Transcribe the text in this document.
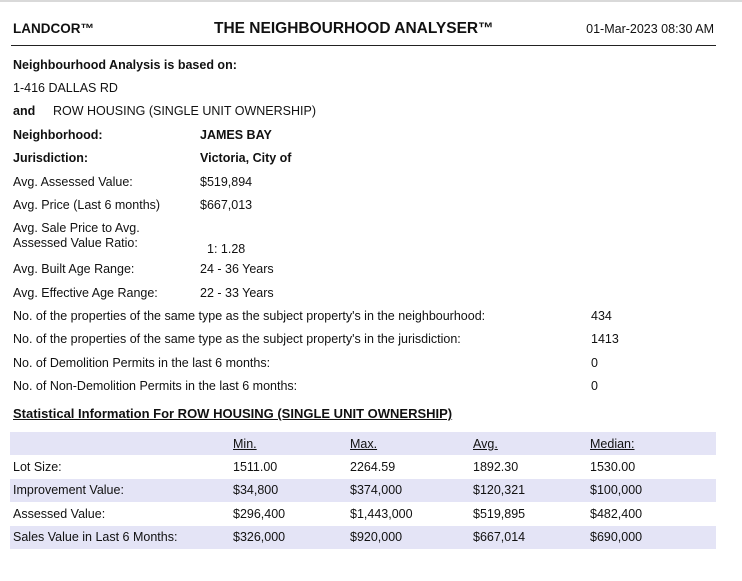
LANDCOR™	THE NEIGHBOURHOOD ANALYSER™	01-Mar-2023 08:30 AM
Neighbourhood Analysis is based on:
1-416 DALLAS RD
and ROW HOUSING (SINGLE UNIT OWNERSHIP)
Neighborhood:	JAMES BAY
Jurisdiction:	Victoria, City of
Avg. Assessed Value:	$519,894
Avg. Price (Last 6 months)	$667,013
Avg. Sale Price to Avg.
Assessed Value Ratio:	1: 1.28
Avg. Built Age Range:	24 - 36 Years
Avg. Effective Age Range:	22 - 33 Years
No. of the properties of the same type as the subject property's in the neighbourhood:	434
No. of the properties of the same type as the subject property's in the jurisdiction:	1413
No. of Demolition Permits in the last 6 months:	0
No. of Non-Demolition Permits in the last 6 months:	0
Statistical Information For ROW HOUSING (SINGLE UNIT OWNERSHIP)
	Min.	Max.	Avg.	Median:
Lot Size:	1511.00	2264.59	1892.30	1530.00
Improvement Value:	$34,800	$374,000	$120,321	$100,000
Assessed Value:	$296,400	$1,443,000	$519,895	$482,400
Sales Value in Last 6 Months:	$326,000	$920,000	$667,014	$690,000
